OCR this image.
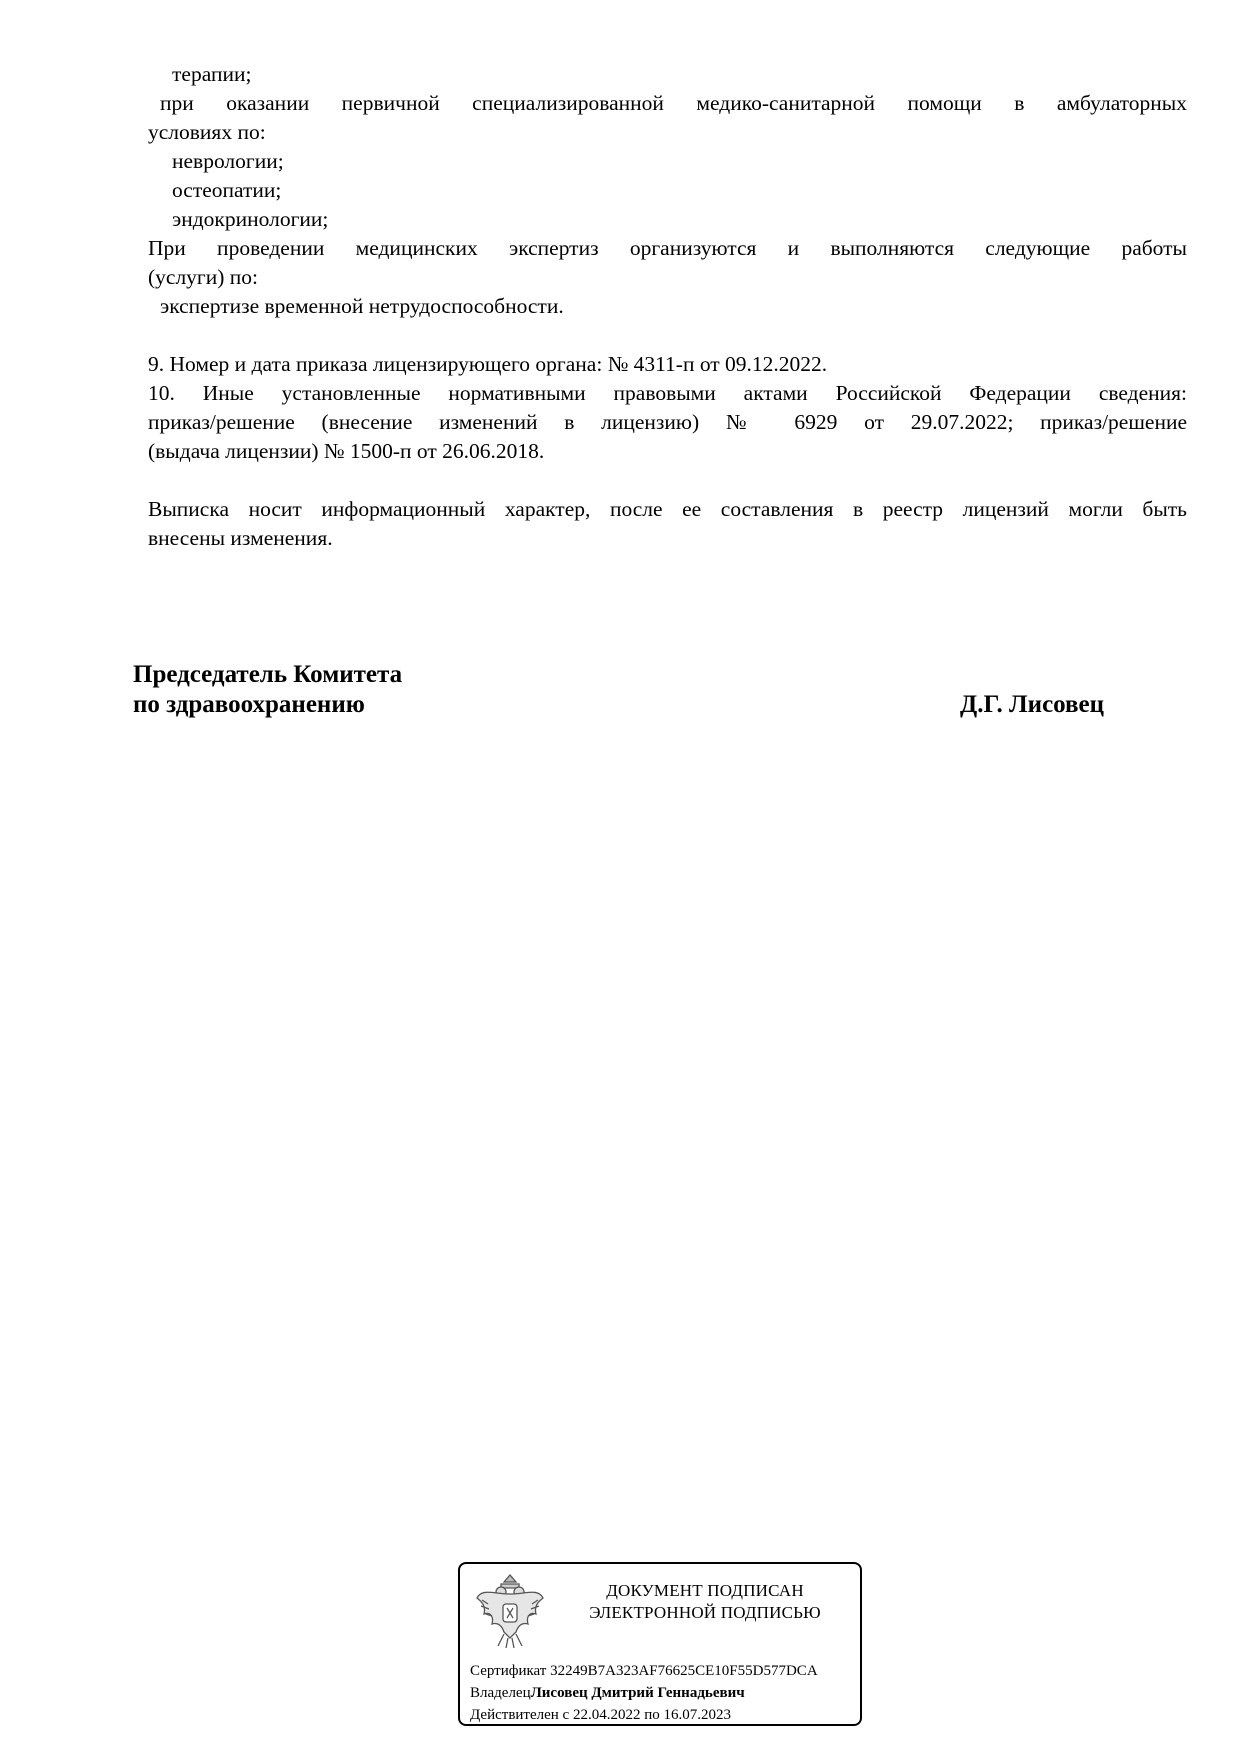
терапии;
при оказании первичной специализированной медико-санитарной помощи в амбулаторных
условиях по:
неврологии;
остеопатии;
эндокринологии;
При проведении медицинских экспертиз организуются и выполняются следующие работы
(услуги) по:
экспертизе временной нетрудоспособности.
9. Номер и дата приказа лицензирующего органа: № 4311-п от 09.12.2022.
10. Иные установленные нормативными правовыми актами Российской Федерации сведения:
приказ/решение (внесение изменений в лицензию) № 6929 от 29.07.2022; приказ/решение
(выдача лицензии) № 1500-п от 26.06.2018.
Выписка носит информационный характер, после ее составления в реестр лицензий могли быть
внесены изменения.
Председатель Комитета
по здравоохранению	Д.Г. Лисовец
ДОКУМЕНТ ПОДПИСАН
ЭЛЕКТРОННОЙ ПОДПИСЬЮ
Сертификат 32249B7A323AF76625CE10F55D577DCA
ВладелецЛисовец Дмитрий Геннадьевич
Действителен с 22.04.2022 по 16.07.2023
